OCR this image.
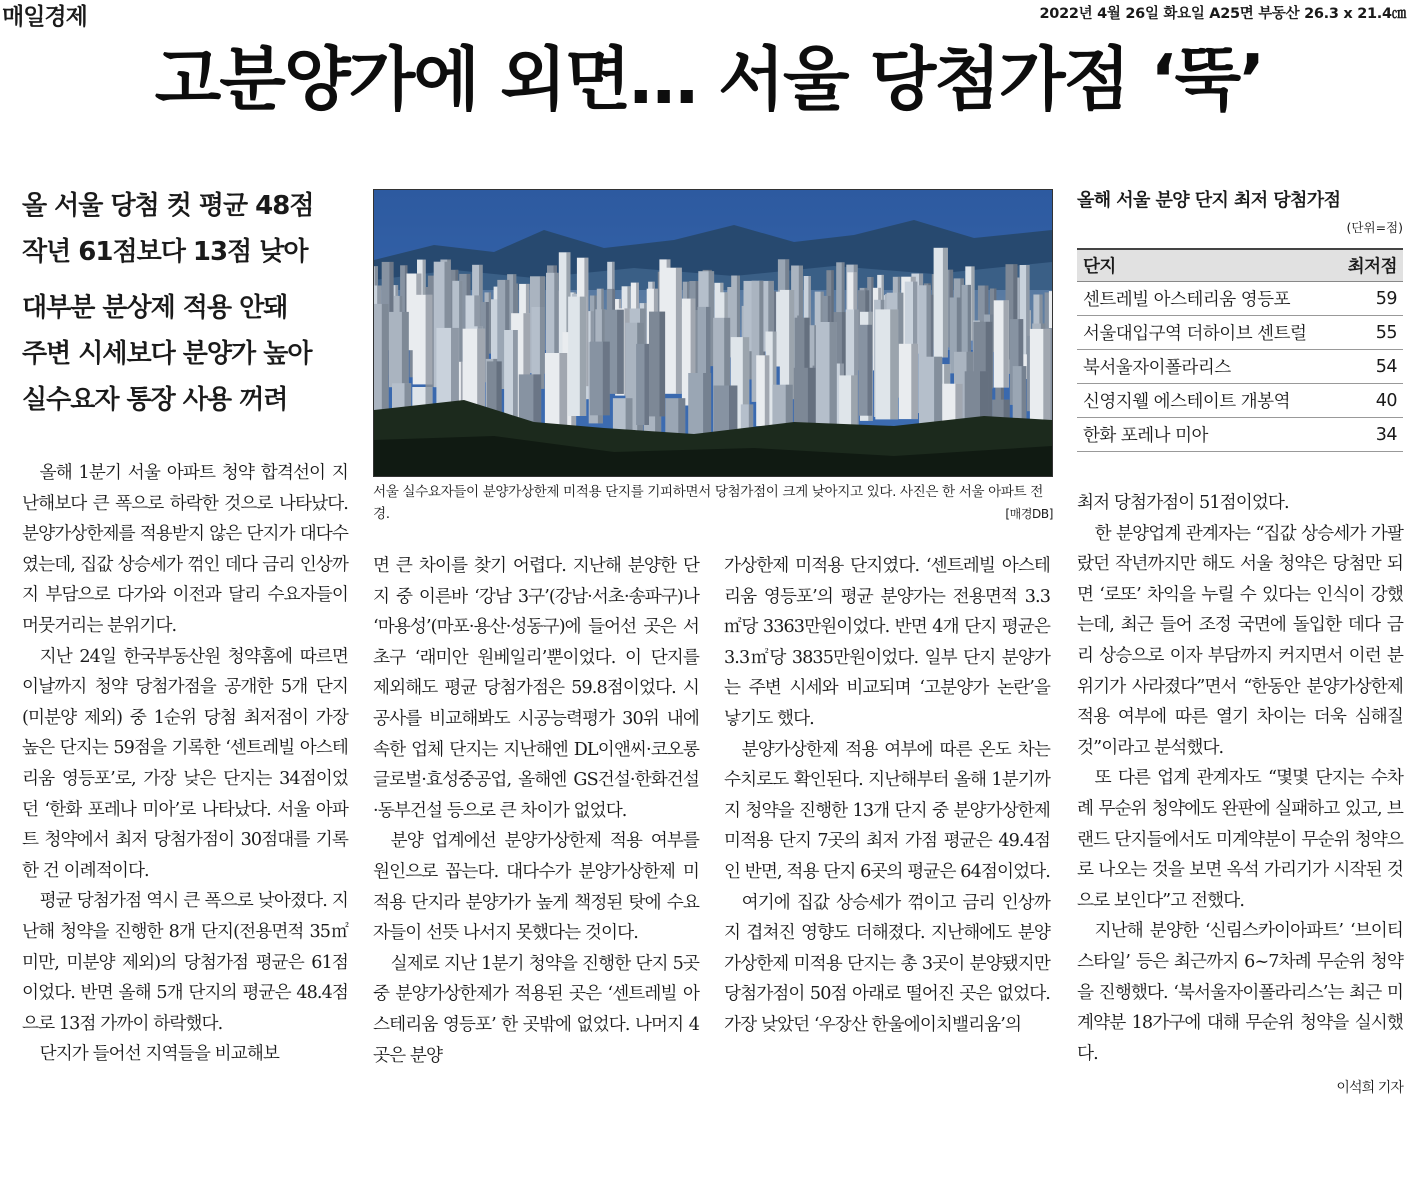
매일경제	2022년 4월 26일 화요일 A25면 부동산 26.3 x 21.4㎝
고분양가에 외면… 서울 당첨가점 ‘뚝’
올 서울 당첨 컷 평균 48점
작년 61점보다 13점 낮아
대부분 분상제 적용 안돼
주변 시세보다 분양가 높아
실수요자 통장 사용 꺼려
서울 실수요자들이 분양가상한제 미적용 단지를 기피하면서 당첨가점이 크게 낮아지고 있다. 사진은 한 서울 아파트 전경.	[매경DB]
올해 서울 분양 단지 최저 당첨가점
(단위=점)
단지	최저점
센트레빌 아스테리움 영등포	59
서울대입구역 더하이브 센트럴	55
북서울자이폴라리스	54
신영지웰 에스테이트 개봉역	40
한화 포레나 미아	34

올해 1분기 서울 아파트 청약 합격선이 지난해보다 큰 폭으로 하락한 것으로 나타났다. 분양가상한제를 적용받지 않은 단지가 대다수였는데, 집값 상승세가 꺾인 데다 금리 인상까지 부담으로 다가와 이전과 달리 수요자들이 머뭇거리는 분위기다.

지난 24일 한국부동산원 청약홈에 따르면 이날까지 청약 당첨가점을 공개한 5개 단지(미분양 제외) 중 1순위 당첨 최저점이 가장 높은 단지는 59점을 기록한 ‘센트레빌 아스테리움 영등포’로, 가장 낮은 단지는 34점이었던 ‘한화 포레나 미아’로 나타났다. 서울 아파트 청약에서 최저 당첨가점이 30점대를 기록한 건 이례적이다.

평균 당첨가점 역시 큰 폭으로 낮아졌다. 지난해 청약을 진행한 8개 단지(전용면적 35㎡ 미만, 미분양 제외)의 당첨가점 평균은 61점이었다. 반면 올해 5개 단지의 평균은 48.4점으로 13점 가까이 하락했다.

단지가 들어선 지역들을 비교해보

면 큰 차이를 찾기 어렵다. 지난해 분양한 단지 중 이른바 ‘강남 3구’(강남·서초·송파구)나 ‘마용성’(마포·용산·성동구)에 들어선 곳은 서초구 ‘래미안 원베일리’뿐이었다. 이 단지를 제외해도 평균 당첨가점은 59.8점이었다. 시공사를 비교해봐도 시공능력평가 30위 내에 속한 업체 단지는 지난해엔 DL이앤씨·코오롱글로벌·효성중공업, 올해엔 GS건설·한화건설·동부건설 등으로 큰 차이가 없었다.

분양 업계에선 분양가상한제 적용 여부를 원인으로 꼽는다. 대다수가 분양가상한제 미적용 단지라 분양가가 높게 책정된 탓에 수요자들이 선뜻 나서지 못했다는 것이다.

실제로 지난 1분기 청약을 진행한 단지 5곳 중 분양가상한제가 적용된 곳은 ‘센트레빌 아스테리움 영등포’ 한 곳밖에 없었다. 나머지 4곳은 분양

가상한제 미적용 단지였다. ‘센트레빌 아스테리움 영등포’의 평균 분양가는 전용면적 3.3㎡당 3363만원이었다. 반면 4개 단지 평균은 3.3㎡당 3835만원이었다. 일부 단지 분양가는 주변 시세와 비교되며 ‘고분양가 논란’을 낳기도 했다.

분양가상한제 적용 여부에 따른 온도 차는 수치로도 확인된다. 지난해부터 올해 1분기까지 청약을 진행한 13개 단지 중 분양가상한제 미적용 단지 7곳의 최저 가점 평균은 49.4점인 반면, 적용 단지 6곳의 평균은 64점이었다.

여기에 집값 상승세가 꺾이고 금리 인상까지 겹쳐진 영향도 더해졌다. 지난해에도 분양가상한제 미적용 단지는 총 3곳이 분양됐지만 당첨가점이 50점 아래로 떨어진 곳은 없었다. 가장 낮았던 ‘우장산 한울에이치밸리움’의

최저 당첨가점이 51점이었다.

한 분양업계 관계자는 “집값 상승세가 가팔랐던 작년까지만 해도 서울 청약은 당첨만 되면 ‘로또’ 차익을 누릴 수 있다는 인식이 강했는데, 최근 들어 조정 국면에 돌입한 데다 금리 상승으로 이자 부담까지 커지면서 이런 분위기가 사라졌다”면서 “한동안 분양가상한제 적용 여부에 따른 열기 차이는 더욱 심해질 것”이라고 분석했다.

또 다른 업계 관계자도 “몇몇 단지는 수차례 무순위 청약에도 완판에 실패하고 있고, 브랜드 단지들에서도 미계약분이 무순위 청약으로 나오는 것을 보면 옥석 가리기가 시작된 것으로 보인다”고 전했다.

지난해 분양한 ‘신림스카이아파트’ ‘브이티스타일’ 등은 최근까지 6~7차례 무순위 청약을 진행했다. ‘북서울자이폴라리스’는 최근 미계약분 18가구에 대해 무순위 청약을 실시했다.

이석희 기자
